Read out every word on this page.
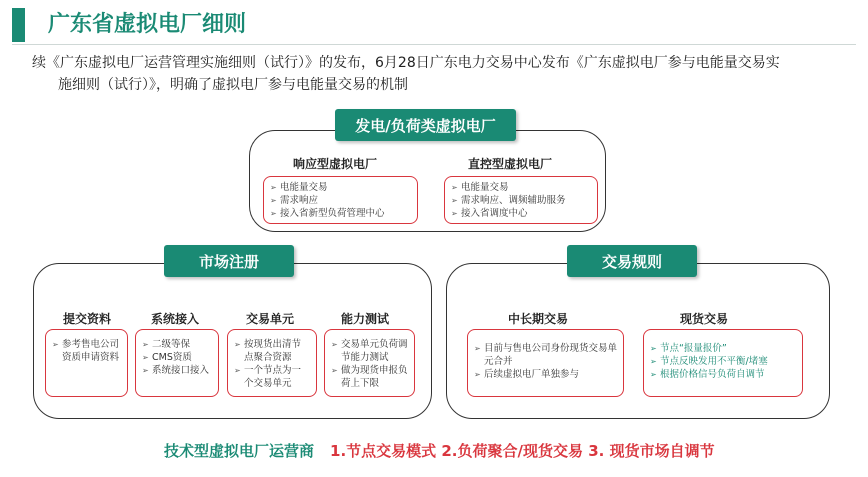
广东省虚拟电厂细则
续《广东虚拟电厂运营管理实施细则（试行）》的发布，6月28日广东电力交易中心发布《广东虚拟电厂参与电能量交易实
施细则（试行）》，明确了虚拟电厂参与电能量交易的机制
发电/负荷类虚拟电厂
响应型虚拟电厂
➢ 电能量交易
➢ 需求响应
➢ 接入省新型负荷管理中心
直控型虚拟电厂
➢ 电能量交易
➢ 需求响应、调频辅助服务
➢ 接入省调度中心
市场注册
提交资料
➢ 参考售电公司资质申请资料
系统接入
➢ 二级等保
➢ CMS资质
➢ 系统接口接入
交易单元
➢ 按现货出清节点聚合资源
➢ 一个节点为一个交易单元
能力测试
➢ 交易单元负荷调节能力测试
➢ 做为现货申报负荷上下限
交易规则
中长期交易
➢ 目前与售电公司身份现货交易单元合并
➢ 后续虚拟电厂单独参与
现货交易
➢ 节点“报量报价”
➢ 节点反映发用不平衡/堵塞
➢ 根据价格信号负荷自调节
技术型虚拟电厂运营商 1.节点交易模式 2.负荷聚合/现货交易 3. 现货市场自调节
